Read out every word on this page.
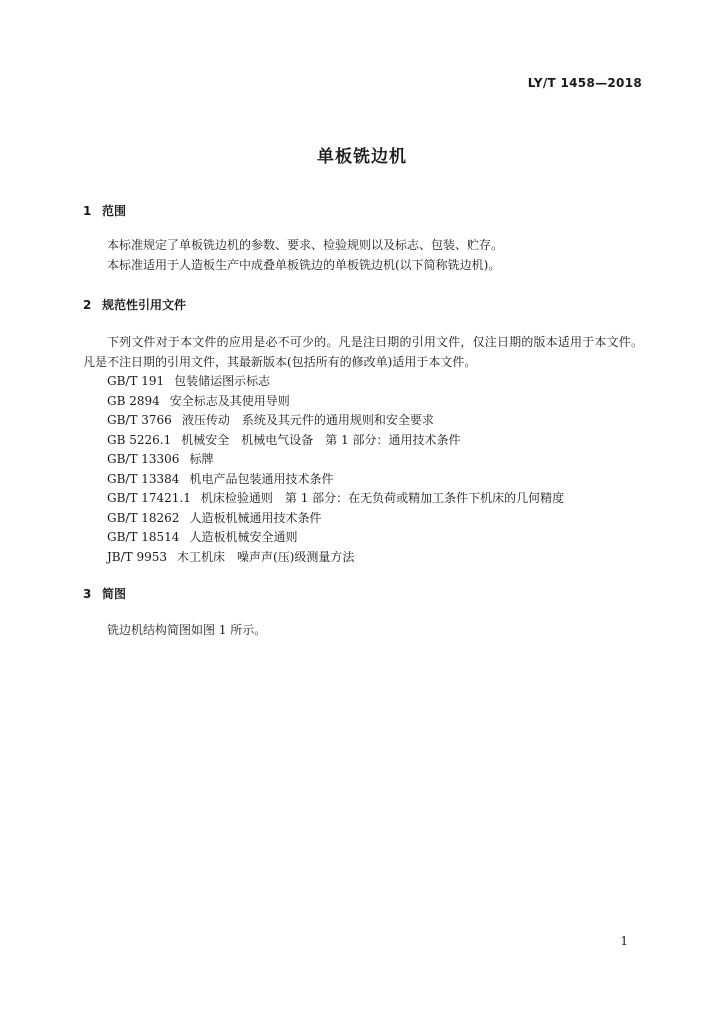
LY/T 1458—2018
单板铣边机
1 范围

本标准规定了单板铣边机的参数、要求、检验规则以及标志、包装、贮存。

本标准适用于人造板生产中成叠单板铣边的单板铣边机(以下简称铣边机)。

2 规范性引用文件

下列文件对于本文件的应用是必不可少的。凡是注日期的引用文件，仅注日期的版本适用于本文件。凡是不注日期的引用文件，其最新版本(包括所有的修改单)适用于本文件。

GB/T 191 包装储运图示标志
GB 2894 安全标志及其使用导则
GB/T 3766 液压传动　系统及其元件的通用规则和安全要求
GB 5226.1 机械安全　机械电气设备　第 1 部分：通用技术条件
GB/T 13306 标牌
GB/T 13384 机电产品包装通用技术条件
GB/T 17421.1 机床检验通则　第 1 部分：在无负荷或精加工条件下机床的几何精度
GB/T 18262 人造板机械通用技术条件
GB/T 18514 人造板机械安全通则
JB/T 9953 木工机床　噪声声(压)级测量方法
3 简图

铣边机结构简图如图 1 所示。

1
